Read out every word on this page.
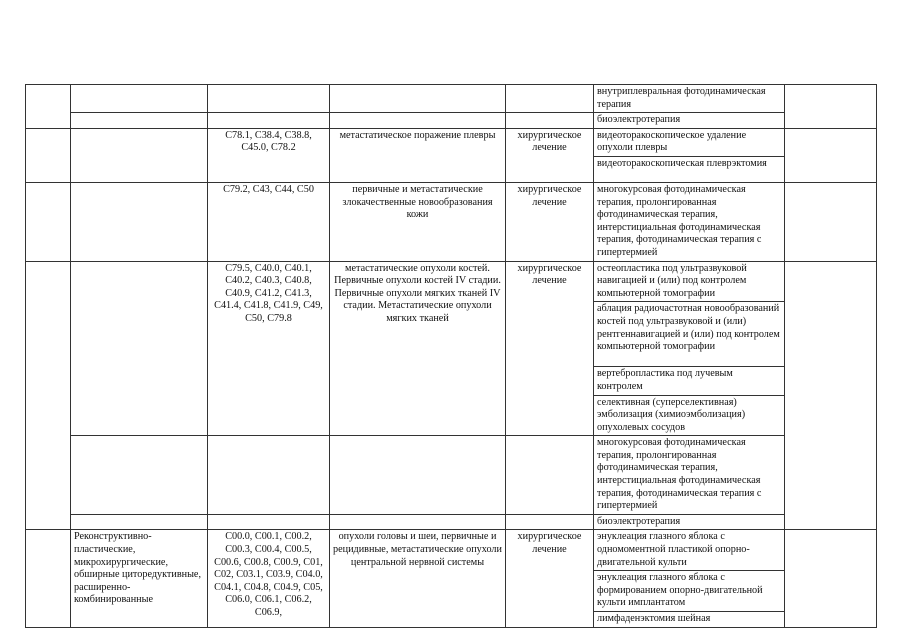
					внутриплевральная фотодинамическая терапия	
					биоэлектротерапия	
		C78.1, C38.4, C38.8, C45.0, C78.2	метастатическое поражение плевры	хирургическое лечение	видеоторакоскопическое удаление опухоли плевры	
					видеоторакоскопическая плеврэктомия	
		C79.2, C43, C44, C50	первичные и метастатические злокачественные новообразования кожи	хирургическое лечение	многокурсовая фотодинамическая терапия, пролонгированная фотодинамическая терапия, интерстициальная фотодинамическая терапия, фотодинамическая терапия с гипертермией	
		C79.5, C40.0, C40.1, C40.2, C40.3, C40.8, C40.9, C41.2, C41.3, C41.4, C41.8, C41.9, C49, C50, C79.8	метастатические опухоли костей. Первичные опухоли костей IV стадии. Первичные опухоли мягких тканей IV стадии. Метастатические опухоли мягких тканей	хирургическое лечение	остеопластика под ультразвуковой навигацией и (или) под контролем компьютерной томографии	
					аблация радиочастотная новообразований костей под ультразвуковой и (или) рентгеннавигацией и (или) под контролем компьютерной томографии	
					вертебропластика под лучевым контролем	
					селективная (суперселективная) эмболизация (химиоэмболизация) опухолевых сосудов	
					многокурсовая фотодинамическая терапия, пролонгированная фотодинамическая терапия, интерстициальная фотодинамическая терапия, фотодинамическая терапия с гипертермией	
					биоэлектротерапия	
	Реконструктивно-пластические, микрохирургические, обширные циторедуктивные, расширенно-комбинированные	C00.0, C00.1, C00.2, C00.3, C00.4, C00.5, C00.6, C00.8, C00.9, C01, C02, C03.1, C03.9, C04.0, C04.1, C04.8, C04.9, C05, C06.0, C06.1, C06.2, C06.9,	опухоли головы и шеи, первичные и рецидивные, метастатические опухоли центральной нервной системы	хирургическое лечение	энуклеация глазного яблока с одномоментной пластикой опорно-двигательной культи	
					энуклеация глазного яблока с формированием опорно-двигательной культи имплантатом	
					лимфаденэктомия шейная	
